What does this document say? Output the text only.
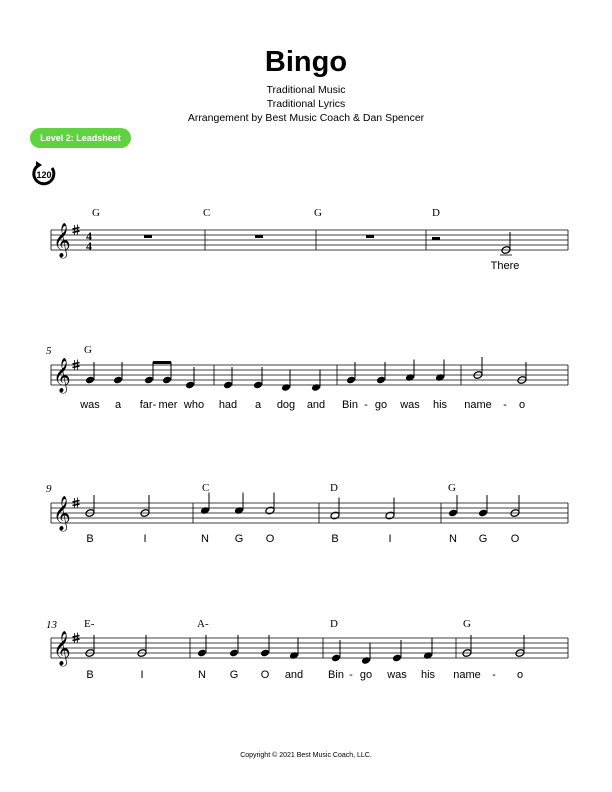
Bingo
Traditional Music
Traditional Lyrics
Arrangement by Best Music Coach & Dan Spencer
Level 2: Leadsheet
120
𝄞 4
4
G	C	G	D
There
5
𝄞
G
was a far- mer who had a dog and Bin - go was his name - o
9
𝄞
C	D	G
B	I	N G O	B	I	N G O
13
𝄞
E-	A-	D	G
B	I	N G O and Bin - go was his name - o
Copyright © 2021 Best Music Coach, LLC.
